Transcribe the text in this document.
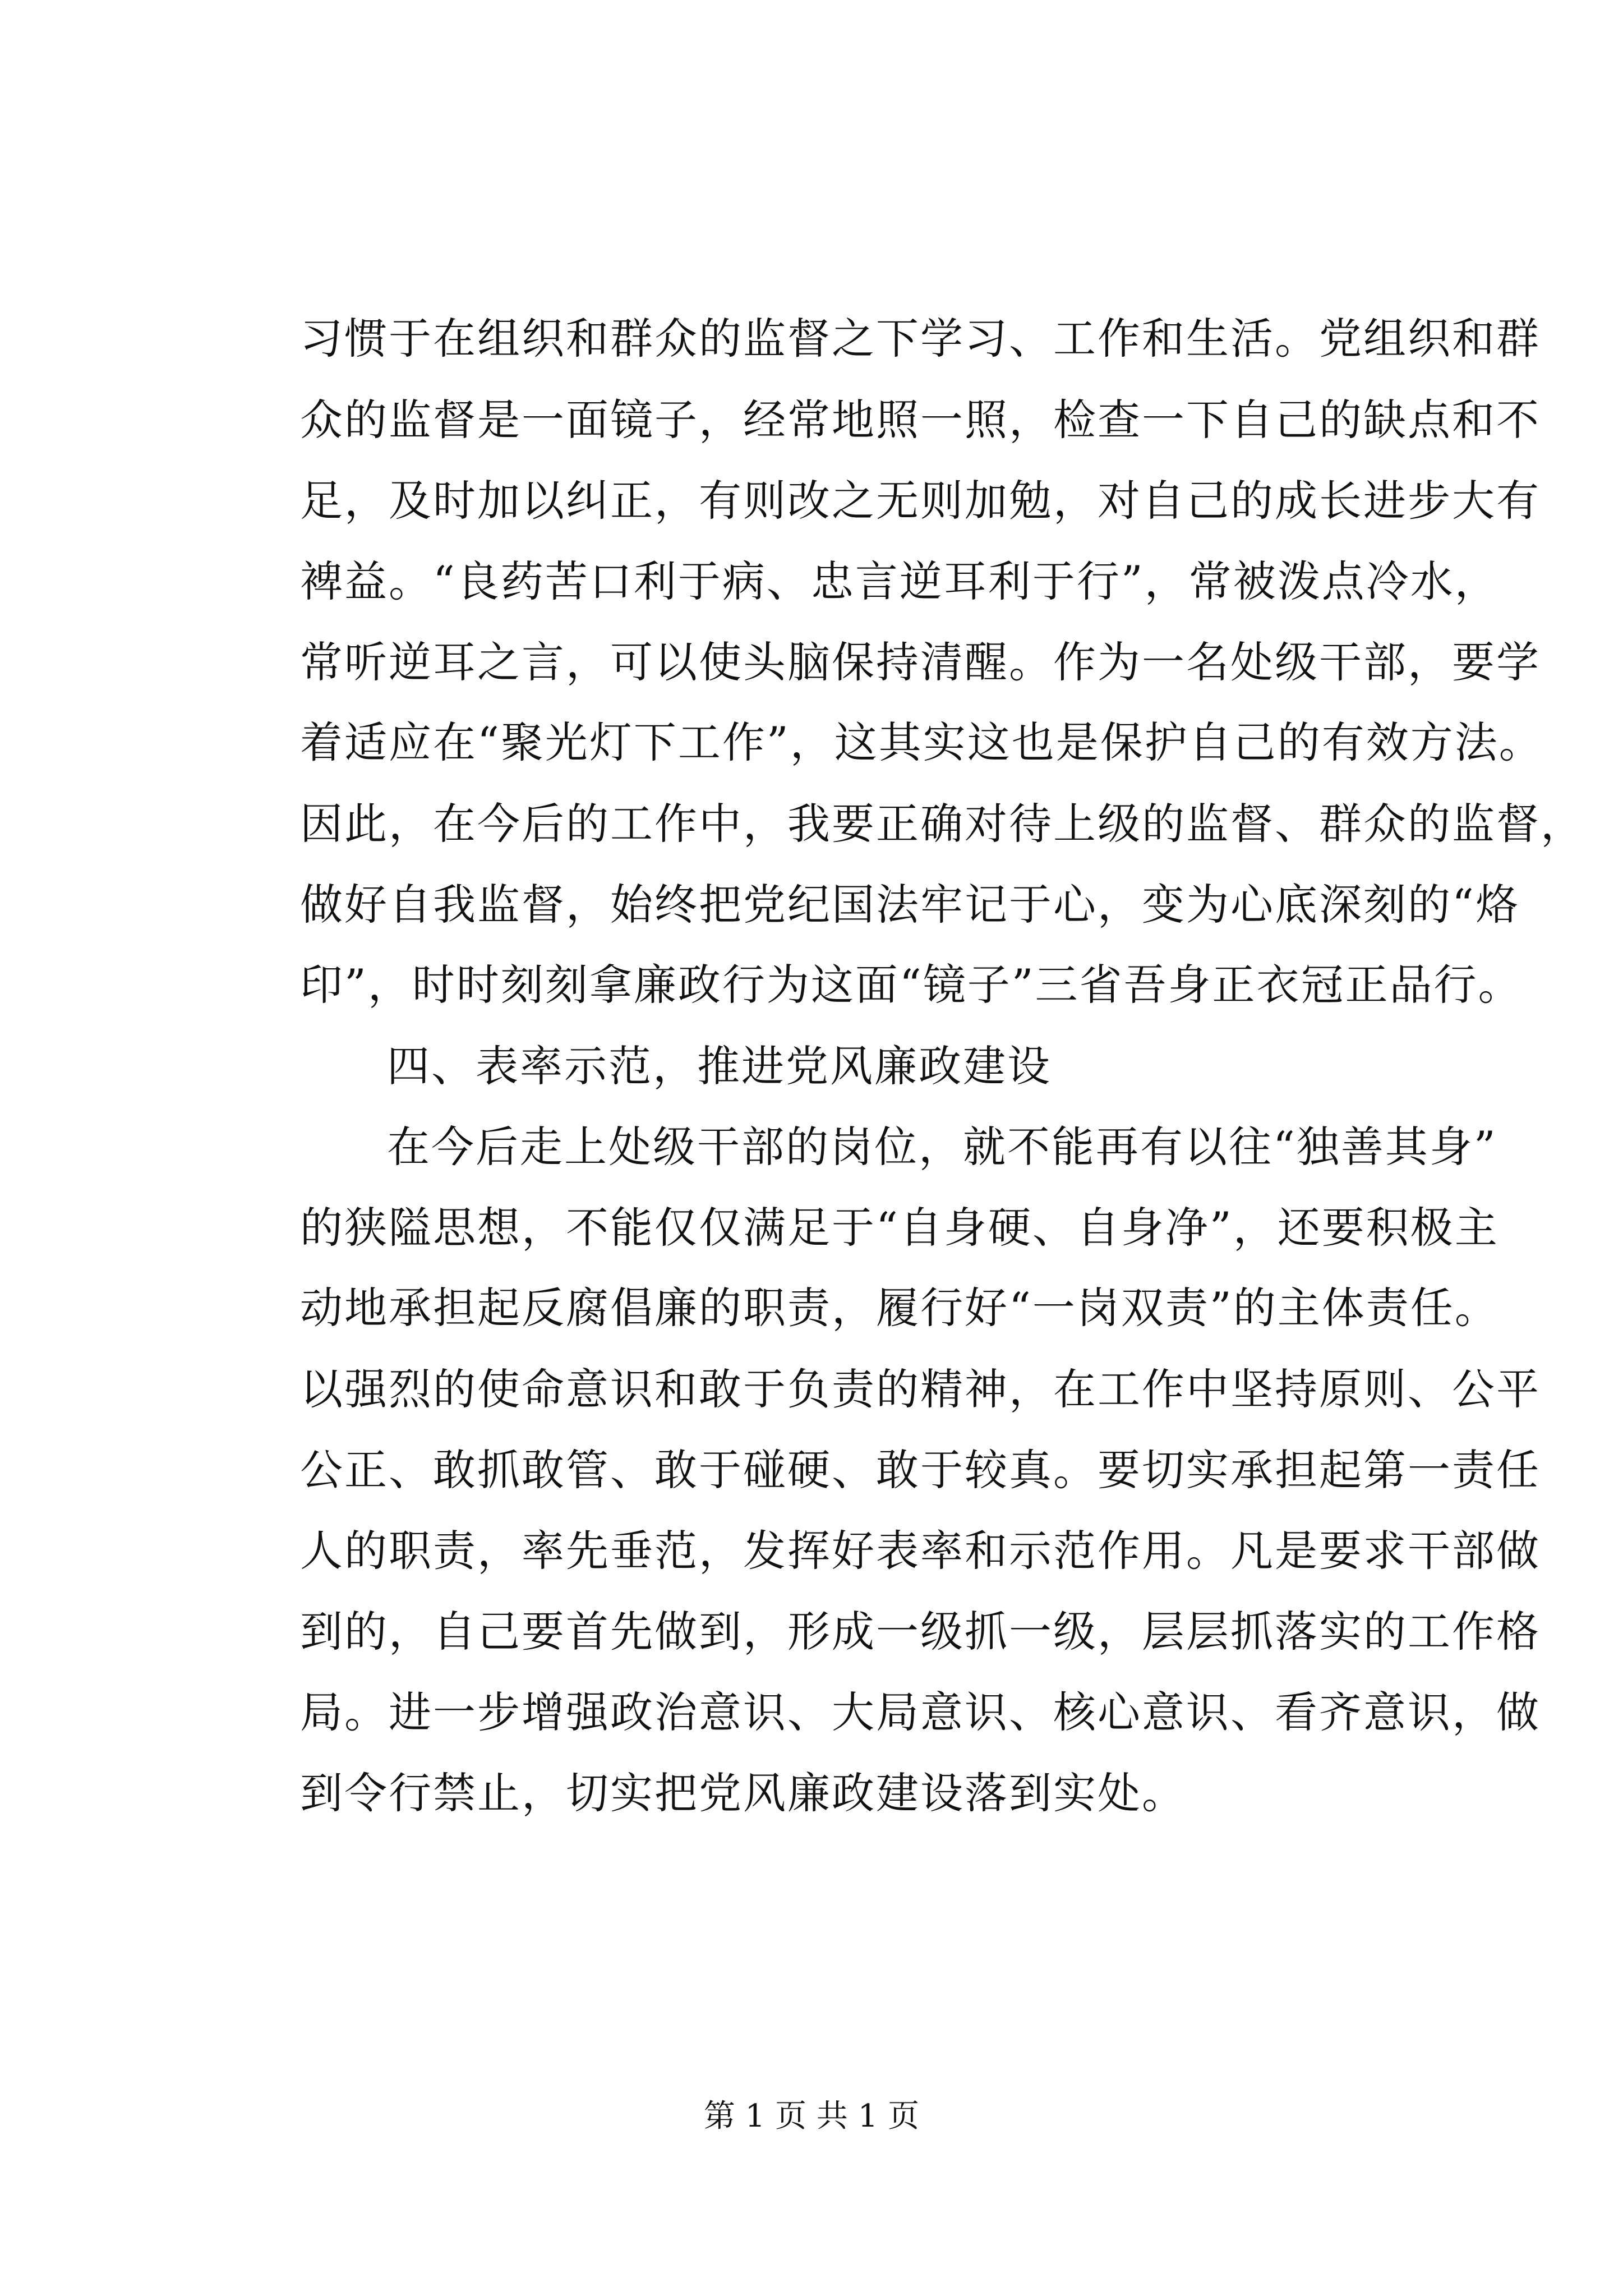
习惯于在组织和群众的监督之下学习、工作和生活。党组织和群
众的监督是一面镜子，经常地照一照，检查一下自己的缺点和不
足，及时加以纠正，有则改之无则加勉，对自己的成长进步大有
裨益。“良药苦口利于病、忠言逆耳利于行”，常被泼点冷水，
常听逆耳之言，可以使头脑保持清醒。作为一名处级干部，要学
着适应在“聚光灯下工作”，这其实这也是保护自己的有效方法。
因此，在今后的工作中，我要正确对待上级的监督、群众的监督，
做好自我监督，始终把党纪国法牢记于心，变为心底深刻的“烙
印”，时时刻刻拿廉政行为这面“镜子”三省吾身正衣冠正品行。
四、表率示范，推进党风廉政建设
在今后走上处级干部的岗位，就不能再有以往“独善其身”
的狭隘思想，不能仅仅满足于“自身硬、自身净”，还要积极主
动地承担起反腐倡廉的职责，履行好“一岗双责”的主体责任。
以强烈的使命意识和敢于负责的精神，在工作中坚持原则、公平
公正、敢抓敢管、敢于碰硬、敢于较真。要切实承担起第一责任
人的职责，率先垂范，发挥好表率和示范作用。凡是要求干部做
到的，自己要首先做到，形成一级抓一级，层层抓落实的工作格
局。进一步增强政治意识、大局意识、核心意识、看齐意识，做
到令行禁止，切实把党风廉政建设落到实处。
第 1 页 共 1 页
